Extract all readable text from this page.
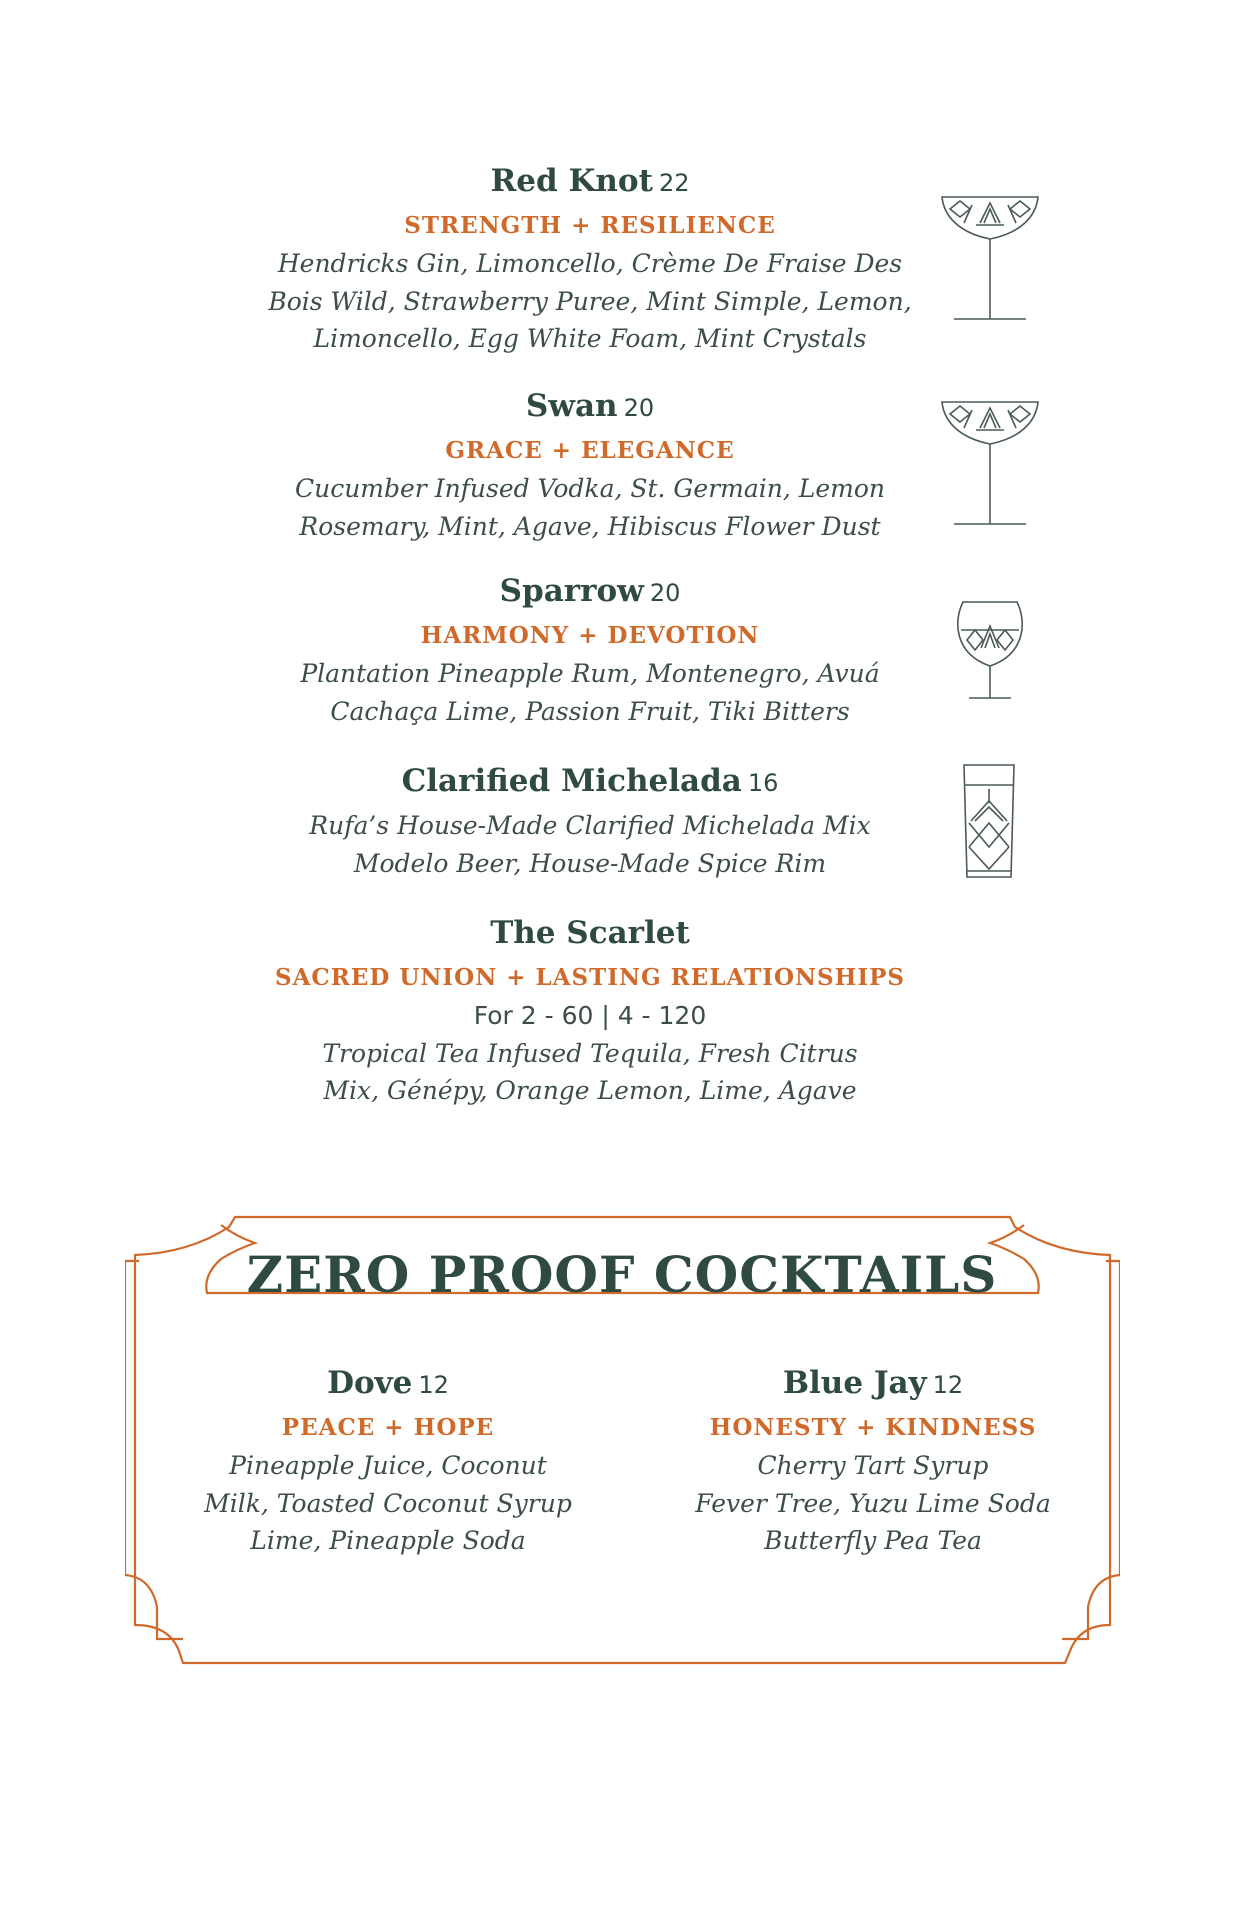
Red Knot 22
STRENGTH + RESILIENCE
Hendricks Gin, Limoncello, Crème De Fraise Des
Bois Wild, Strawberry Puree, Mint Simple, Lemon,
Limoncello, Egg White Foam, Mint Crystals
Swan 20
GRACE + ELEGANCE
Cucumber Infused Vodka, St. Germain, Lemon
Rosemary, Mint, Agave, Hibiscus Flower Dust
Sparrow 20
HARMONY + DEVOTION
Plantation Pineapple Rum, Montenegro, Avuá
Cachaça Lime, Passion Fruit, Tiki Bitters
Clarified Michelada 16
Rufa’s House-Made Clarified Michelada Mix
Modelo Beer, House-Made Spice Rim
The Scarlet
SACRED UNION + LASTING RELATIONSHIPS
For 2 - 60 | 4 - 120
Tropical Tea Infused Tequila, Fresh Citrus
Mix, Génépy, Orange Lemon, Lime, Agave
ZERO PROOF COCKTAILS
Dove 12
PEACE + HOPE
Pineapple Juice, Coconut
Milk, Toasted Coconut Syrup
Lime, Pineapple Soda
Blue Jay 12
HONESTY + KINDNESS
Cherry Tart Syrup
Fever Tree, Yuzu Lime Soda
Butterfly Pea Tea
